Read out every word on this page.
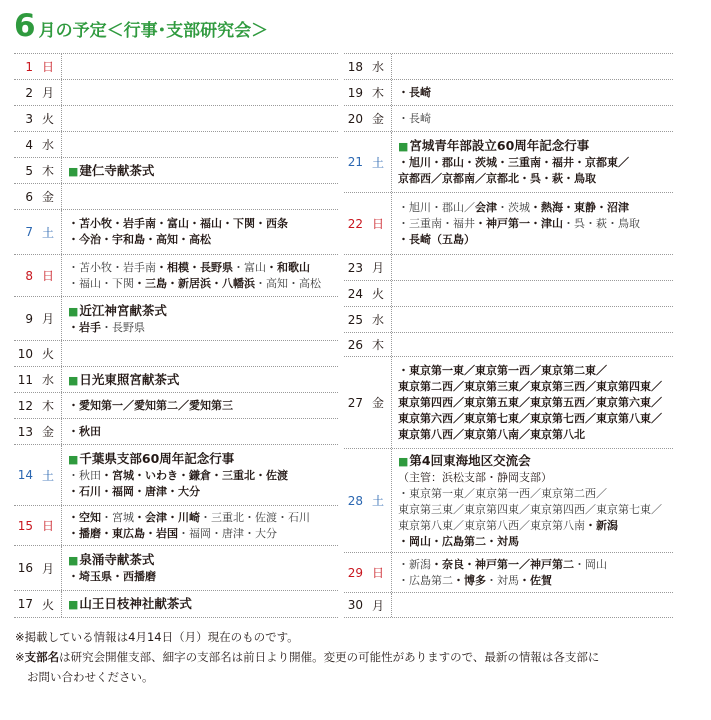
6 月の予定＜行事･支部研究会＞
1 日
2 月
3 火
4 水
5 木 ■建仁寺献茶式
6 金
7 土
・苫小牧・岩手南・富山・福山・下関・西条
・今治・宇和島・高知・高松
8 日
・苫小牧・岩手南・相模・長野県・富山・和歌山
・福山・下関・三島・新居浜・八幡浜・高知・高松
9 月
■近江神宮献茶式
・岩手・長野県
10 火
11 水 ■日光東照宮献茶式
12 木 ・愛知第一／愛知第二／愛知第三
13 金 ・秋田
14 土
■千葉県支部60周年記念行事
・秋田・宮城・いわき・鎌倉・三重北・佐渡
・石川・福岡・唐津・大分
15 日
・空知・宮城・会津・川崎・三重北・佐渡・石川
・播磨・東広島・岩国・福岡・唐津・大分
16 月
■泉涌寺献茶式
・埼玉県・西播磨
17 火 ■山王日枝神社献茶式
18 水
19 木 ・長崎
20 金 ・長崎
21 土
■宮城青年部設立60周年記念行事
・旭川・郡山・茨城・三重南・福井・京都東／
京都西／京都南／京都北・呉・萩・鳥取
22 日
・旭川・郡山／会津・茨城・熱海・東静・沼津
・三重南・福井・神戸第一・津山・呉・萩・鳥取
・長崎（五島）
23 月
24 火
25 水
26 木
27 金
・東京第一東／東京第一西／東京第二東／
東京第二西／東京第三東／東京第三西／東京第四東／
東京第四西／東京第五東／東京第五西／東京第六東／
東京第六西／東京第七東／東京第七西／東京第八東／
東京第八西／東京第八南／東京第八北
28 土
■第4回東海地区交流会
（主管：浜松支部・静岡支部）
・東京第一東／東京第一西／東京第二西／
東京第三東／東京第四東／東京第四西／東京第七東／
東京第八東／東京第八西／東京第八南・新潟
・岡山・広島第二・対馬
29 日
・新潟・奈良・神戸第一／神戸第二・岡山
・広島第二・博多・対馬・佐賀
30 月
※掲載している情報は4月14日（月）現在のものです。
※支部名は研究会開催支部、細字の支部名は前日より開催。変更の可能性がありますので、最新の情報は各支部に
お問い合わせください。
